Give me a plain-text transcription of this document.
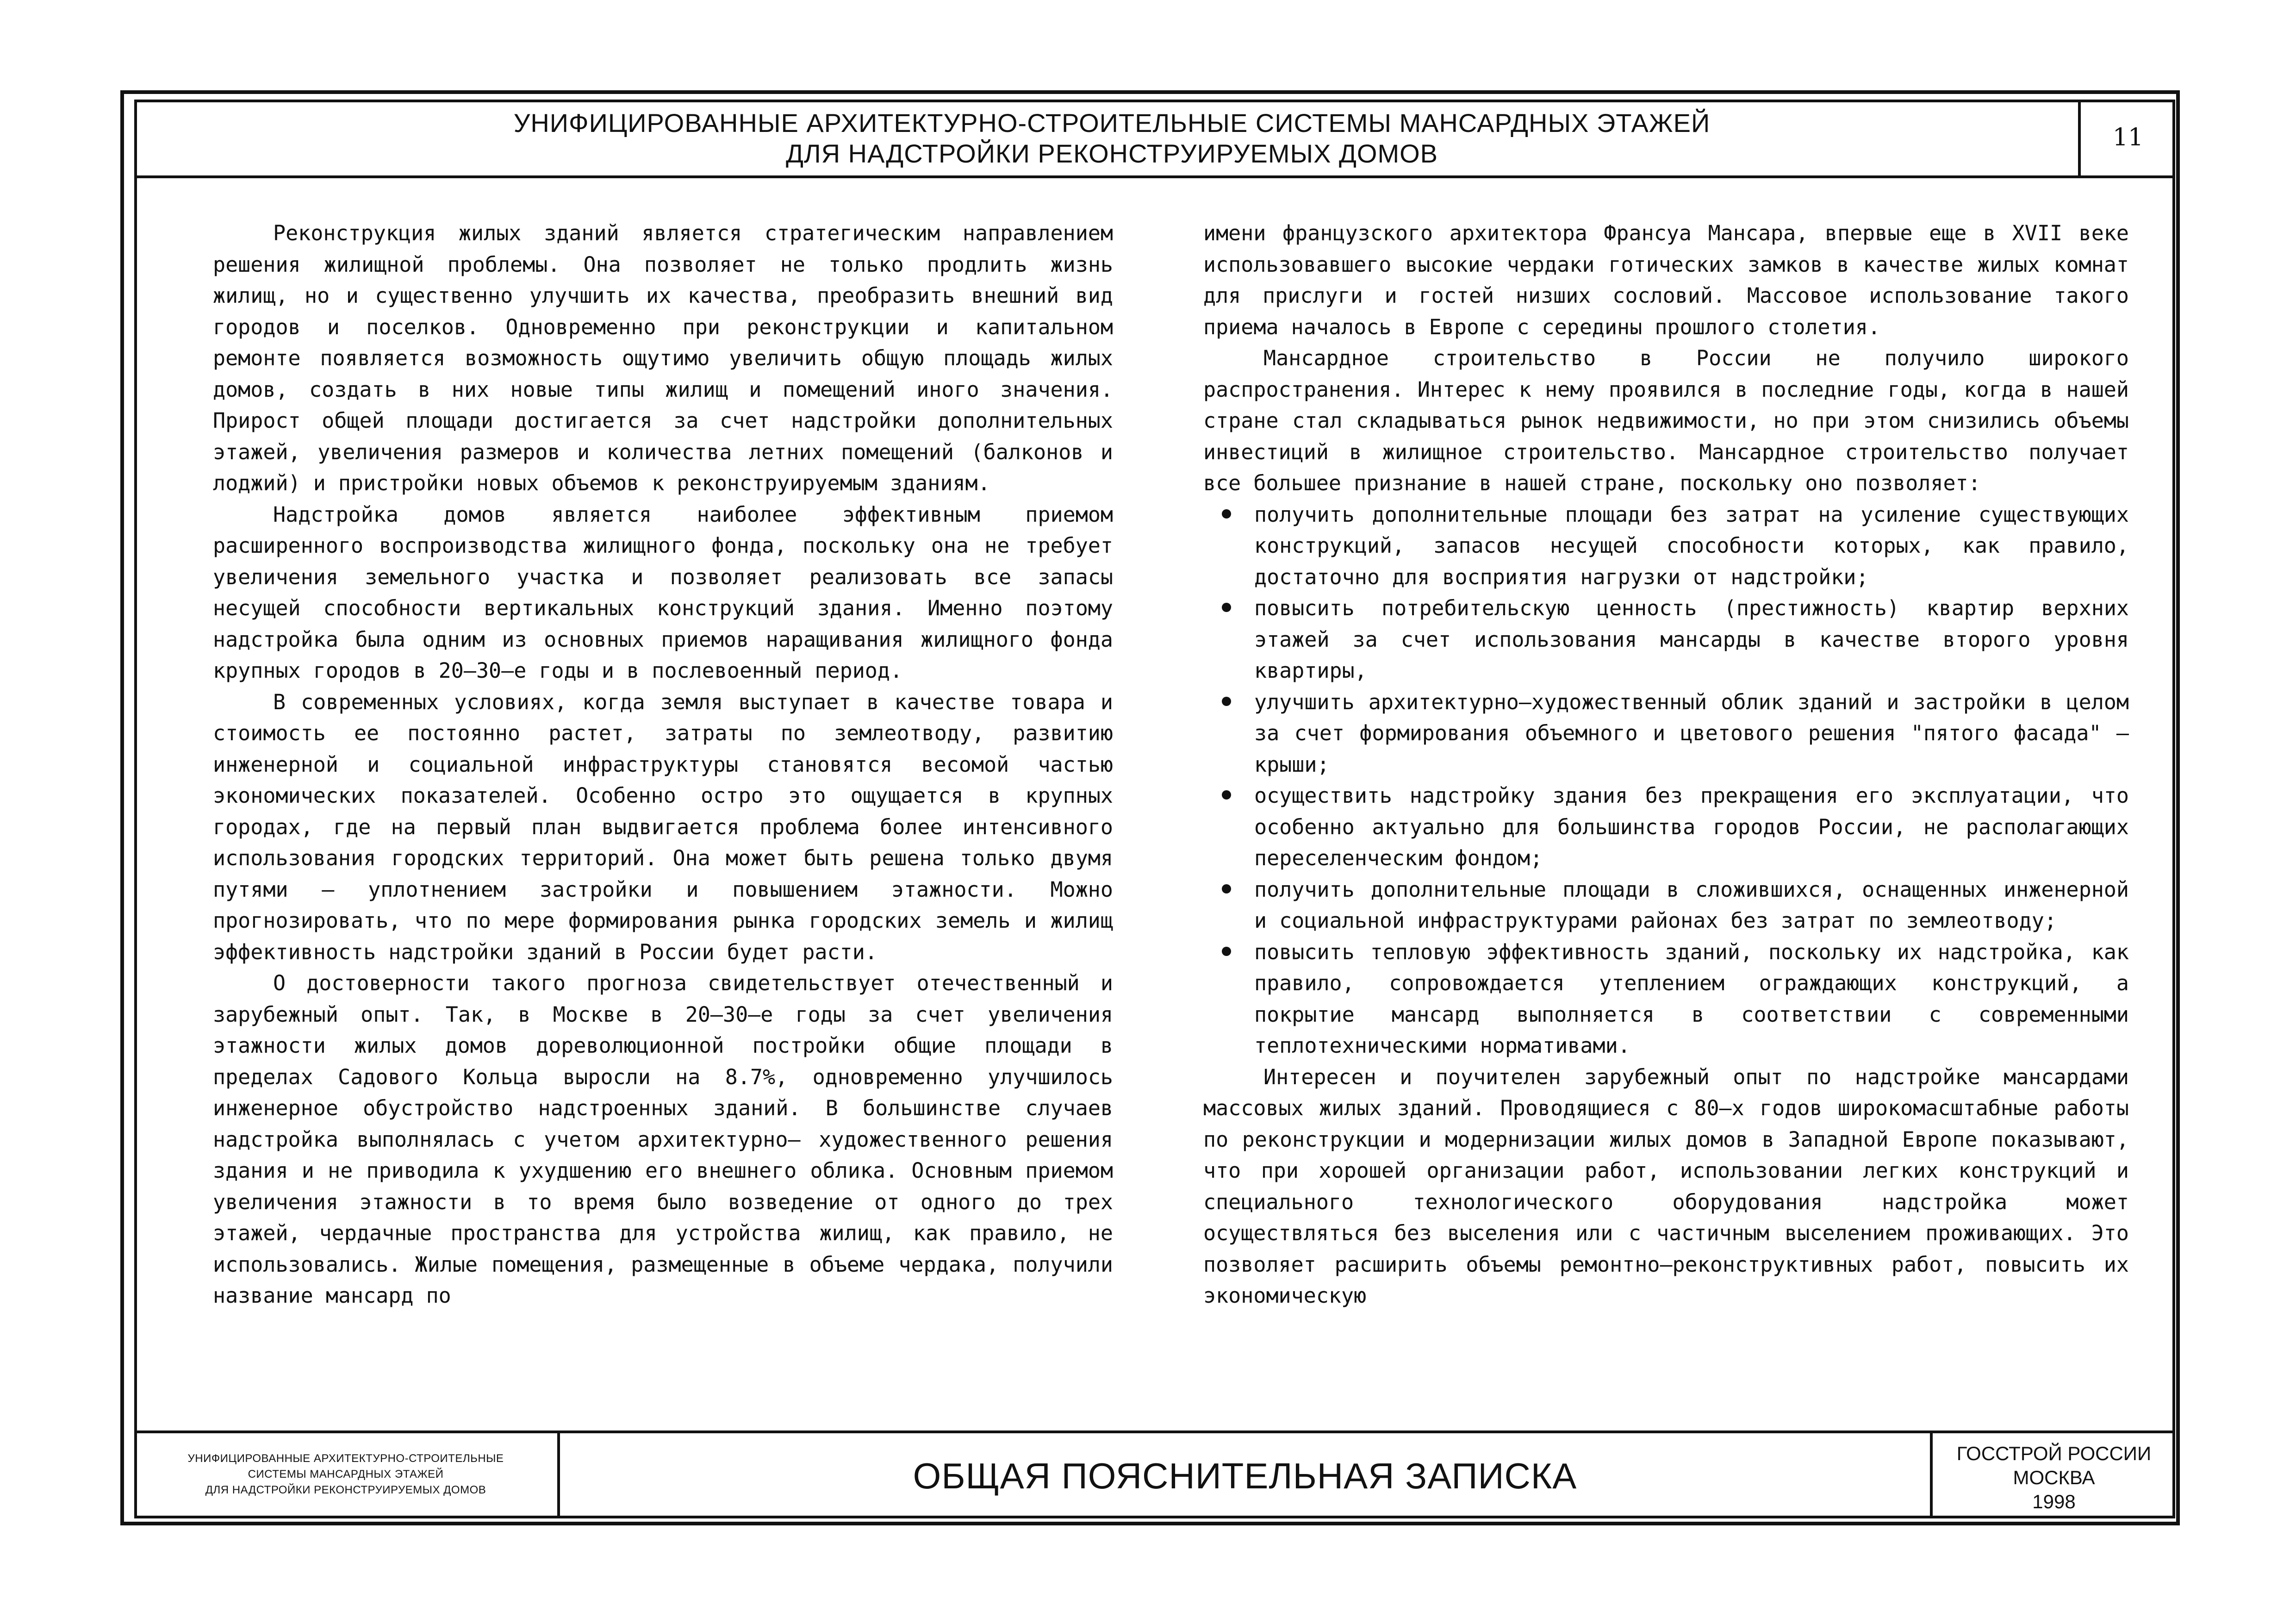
УНИФИЦИРОВАННЫЕ АРХИТЕКТУРНО-СТРОИТЕЛЬНЫЕ СИСТЕМЫ МАНСАРДНЫХ ЭТАЖЕЙ
ДЛЯ НАДСТРОЙКИ РЕКОНСТРУИРУЕМЫХ ДОМОВ
11

Реконструкция жилых зданий является стратегическим направлением решения жилищной проблемы. Она позволяет не только продлить жизнь жилищ, но и существенно улучшить их качества, преобразить внешний вид городов и поселков. Одновременно при реконструкции и капитальном ремонте появляется возможность ощутимо увеличить общую площадь жилых домов, создать в них новые типы жилищ и помещений иного значения. Прирост общей площади достигается за счет надстройки дополнительных этажей, увеличения размеров и количества летних помещений (балконов и лоджий) и пристройки новых объемов к реконструируемым зданиям.

Надстройка домов является наиболее эффективным приемом расширенного воспроизводства жилищного фонда, поскольку она не требует увеличения земельного участка и позволяет реализовать все запасы несущей способности вертикальных конструкций здания. Именно поэтому надстройка была одним из основных приемов наращивания жилищного фонда крупных городов в 20–30–е годы и в послевоенный период.

В современных условиях, когда земля выступает в качестве товара и стоимость ее постоянно растет, затраты по землеотводу, развитию инженерной и социальной инфраструктуры становятся весомой частью экономических показателей. Особенно остро это ощущается в крупных городах, где на первый план выдвигается проблема более интенсивного использования городских территорий. Она может быть решена только двумя путями – уплотнением застройки и повышением этажности. Можно прогнозировать, что по мере формирования рынка городских земель и жилищ эффективность надстройки зданий в России будет расти.

О достоверности такого прогноза свидетельствует отечественный и зарубежный опыт. Так, в Москве в 20–30–е годы за счет увеличения этажности жилых домов дореволюционной постройки общие площади в пределах Садового Кольца выросли на 8.7%, одновременно улучшилось инженерное обустройство надстроенных зданий. В большинстве случаев надстройка выполнялась с учетом архитектурно– художественного решения здания и не приводила к ухудшению его внешнего облика. Основным приемом увеличения этажности в то время было возведение от одного до трех этажей, чердачные пространства для устройства жилищ, как правило, не использовались. Жилые помещения, размещенные в объеме чердака, получили название мансард по

имени французского архитектора Франсуа Мансара, впервые еще в XVII веке использовавшего высокие чердаки готических замков в качестве жилых комнат для прислуги и гостей низших сословий. Массовое использование такого приема началось в Европе с середины прошлого столетия.

Мансардное строительство в России не получило широкого распространения. Интерес к нему проявился в последние годы, когда в нашей стране стал складываться рынок недвижимости, но при этом снизились объемы инвестиций в жилищное строительство. Мансардное строительство получает все большее признание в нашей стране, поскольку оно позволяет:

получить дополнительные площади без затрат на усиление существующих конструкций, запасов несущей способности которых, как правило, достаточно для восприятия нагрузки от надстройки;
повысить потребительскую ценность (престижность) квартир верхних этажей за счет использования мансарды в качестве второго уровня квартиры,
улучшить архитектурно–художественный облик зданий и застройки в целом за счет формирования объемного и цветового решения "пятого фасада" – крыши;
осуществить надстройку здания без прекращения его эксплуатации, что особенно актуально для большинства городов России, не располагающих переселенческим фондом;
получить дополнительные площади в сложившихся, оснащенных инженерной и социальной инфраструктурами районах без затрат по землеотводу;
повысить тепловую эффективность зданий, поскольку их надстройка, как правило, сопровождается утеплением ограждающих конструкций, а покрытие мансард выполняется в соответствии с современными теплотехническими нормативами.

Интересен и поучителен зарубежный опыт по надстройке мансардами массовых жилых зданий. Проводящиеся с 80–х годов широкомасштабные работы по реконструкции и модернизации жилых домов в Западной Европе показывают, что при хорошей организации работ, использовании легких конструкций и специального технологического оборудования надстройка может осуществляться без выселения или с частичным выселением проживающих. Это позволяет расширить объемы ремонтно–реконструктивных работ, повысить их экономическую

УНИФИЦИРОВАННЫЕ АРХИТЕКТУРНО-СТРОИТЕЛЬНЫЕ
СИСТЕМЫ МАНСАРДНЫХ ЭТАЖЕЙ
ДЛЯ НАДСТРОЙКИ РЕКОНСТРУИРУЕМЫХ ДОМОВ	ОБЩАЯ ПОЯСНИТЕЛЬНАЯ ЗАПИСКА
ГОССТРОЙ РОССИИ
МОСКВА
1998
